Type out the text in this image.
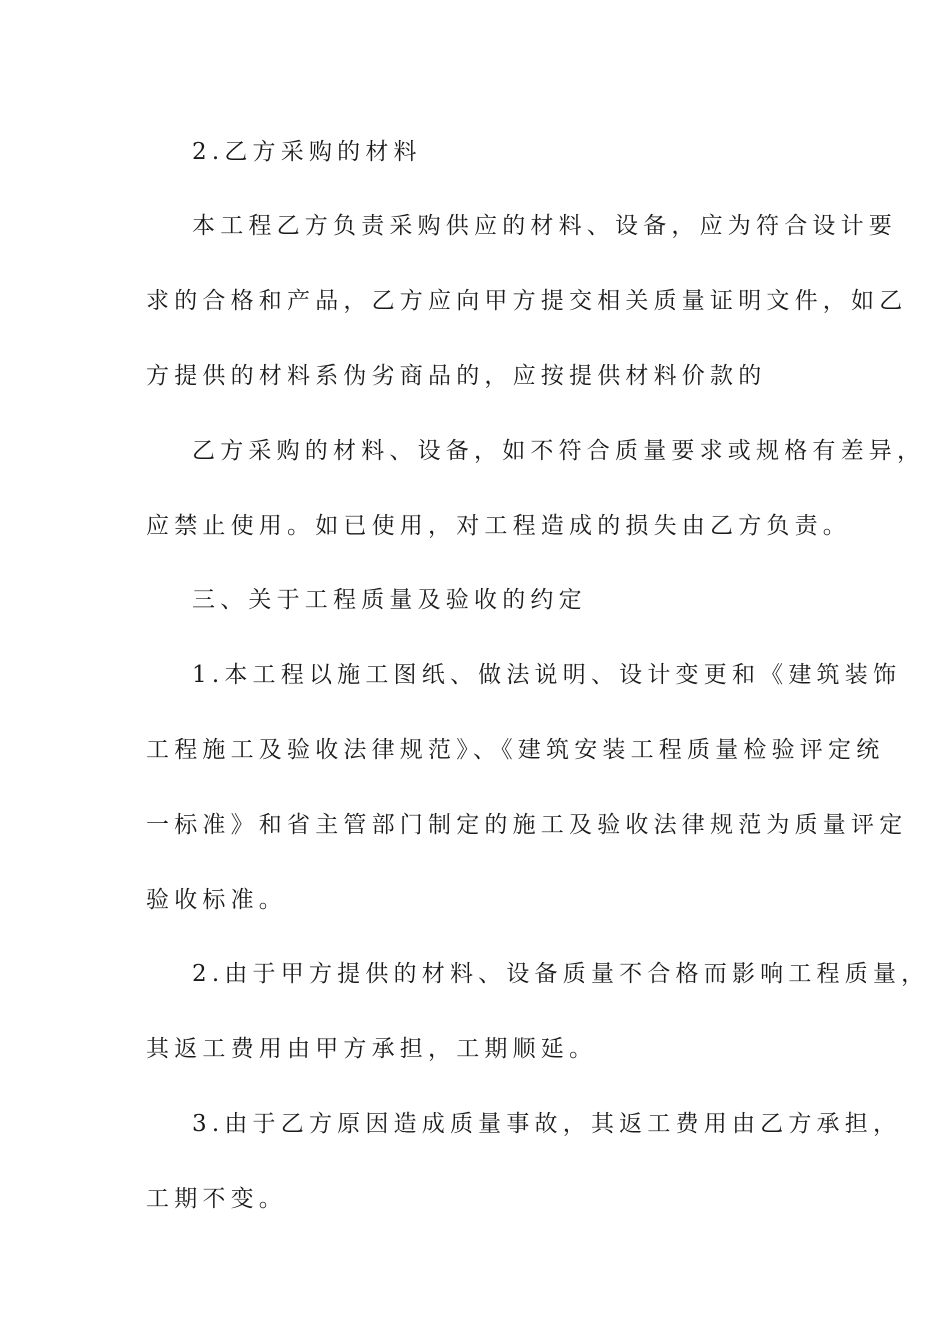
2.乙方采购的材料
本工程乙方负责采购供应的材料、设备，应为符合设计要
求的合格和产品，乙方应向甲方提交相关质量证明文件，如乙
方提供的材料系伪劣商品的，应按提供材料价款的
乙方采购的材料、设备，如不符合质量要求或规格有差异，
应禁止使用。如已使用，对工程造成的损失由乙方负责。
三、关于工程质量及验收的约定
1.本工程以施工图纸、做法说明、设计变更和《建筑装饰
工程施工及验收法律规范》、《建筑安装工程质量检验评定统
一标准》和省主管部门制定的施工及验收法律规范为质量评定
验收标准。
2.由于甲方提供的材料、设备质量不合格而影响工程质量，
其返工费用由甲方承担，工期顺延。
3.由于乙方原因造成质量事故，其返工费用由乙方承担，
工期不变。
